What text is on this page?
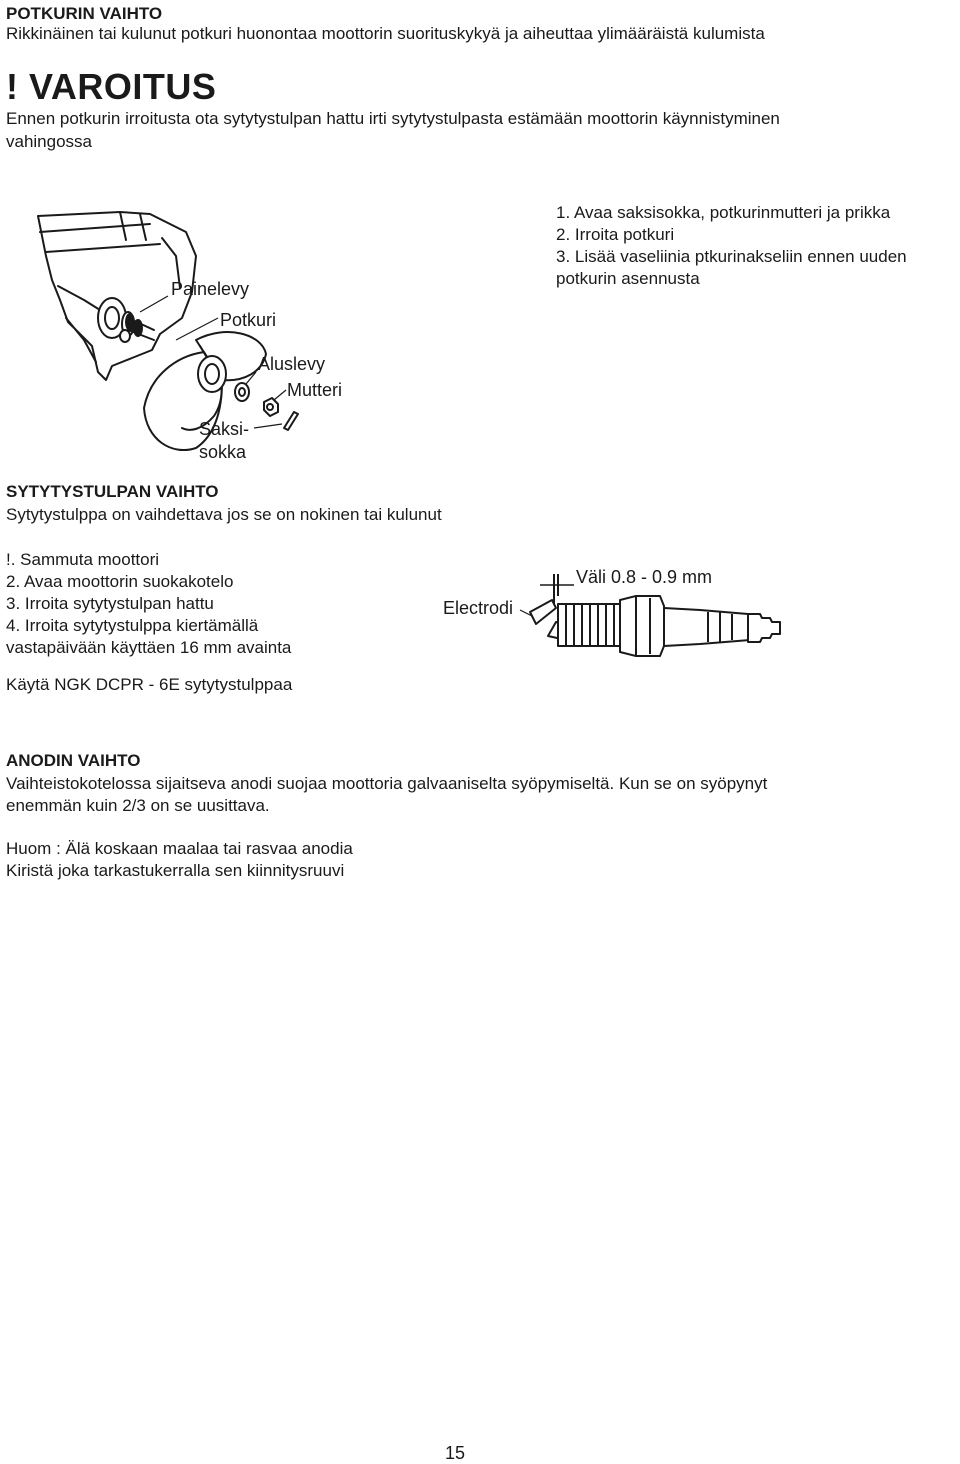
POTKURIN VAIHTO
Rikkinäinen tai kulunut potkuri huonontaa moottorin suorituskykyä ja aiheuttaa ylimääräistä kulumista
! VAROITUS
Ennen potkurin irroitusta ota sytytystulpan hattu irti sytytystulpasta estämään moottorin käynnistyminen
vahingossa
Painelevy
Potkuri
Aluslevy
Mutteri
Saksi-
sokka
1. Avaa saksisokka, potkurinmutteri ja prikka
2. Irroita potkuri
3. Lisää vaseliinia ptkurinakseliin ennen uuden
potkurin asennusta
SYTYTYSTULPAN VAIHTO
Sytytystulppa on vaihdettava jos se on nokinen tai kulunut
!. Sammuta moottori
2. Avaa moottorin suokakotelo
3. Irroita sytytystulpan hattu
4. Irroita sytytystulppa kiertämällä
vastapäivään käyttäen 16 mm avainta
Käytä NGK DCPR - 6E sytytystulppaa
Electrodi
Väli 0.8 - 0.9 mm
ANODIN VAIHTO
Vaihteistokotelossa sijaitseva anodi suojaa moottoria galvaaniselta syöpymiseltä. Kun se on syöpynyt
enemmän kuin 2/3 on se uusittava.
Huom : Älä koskaan maalaa tai rasvaa anodia
Kiristä joka tarkastukerralla sen kiinnitysruuvi
15
